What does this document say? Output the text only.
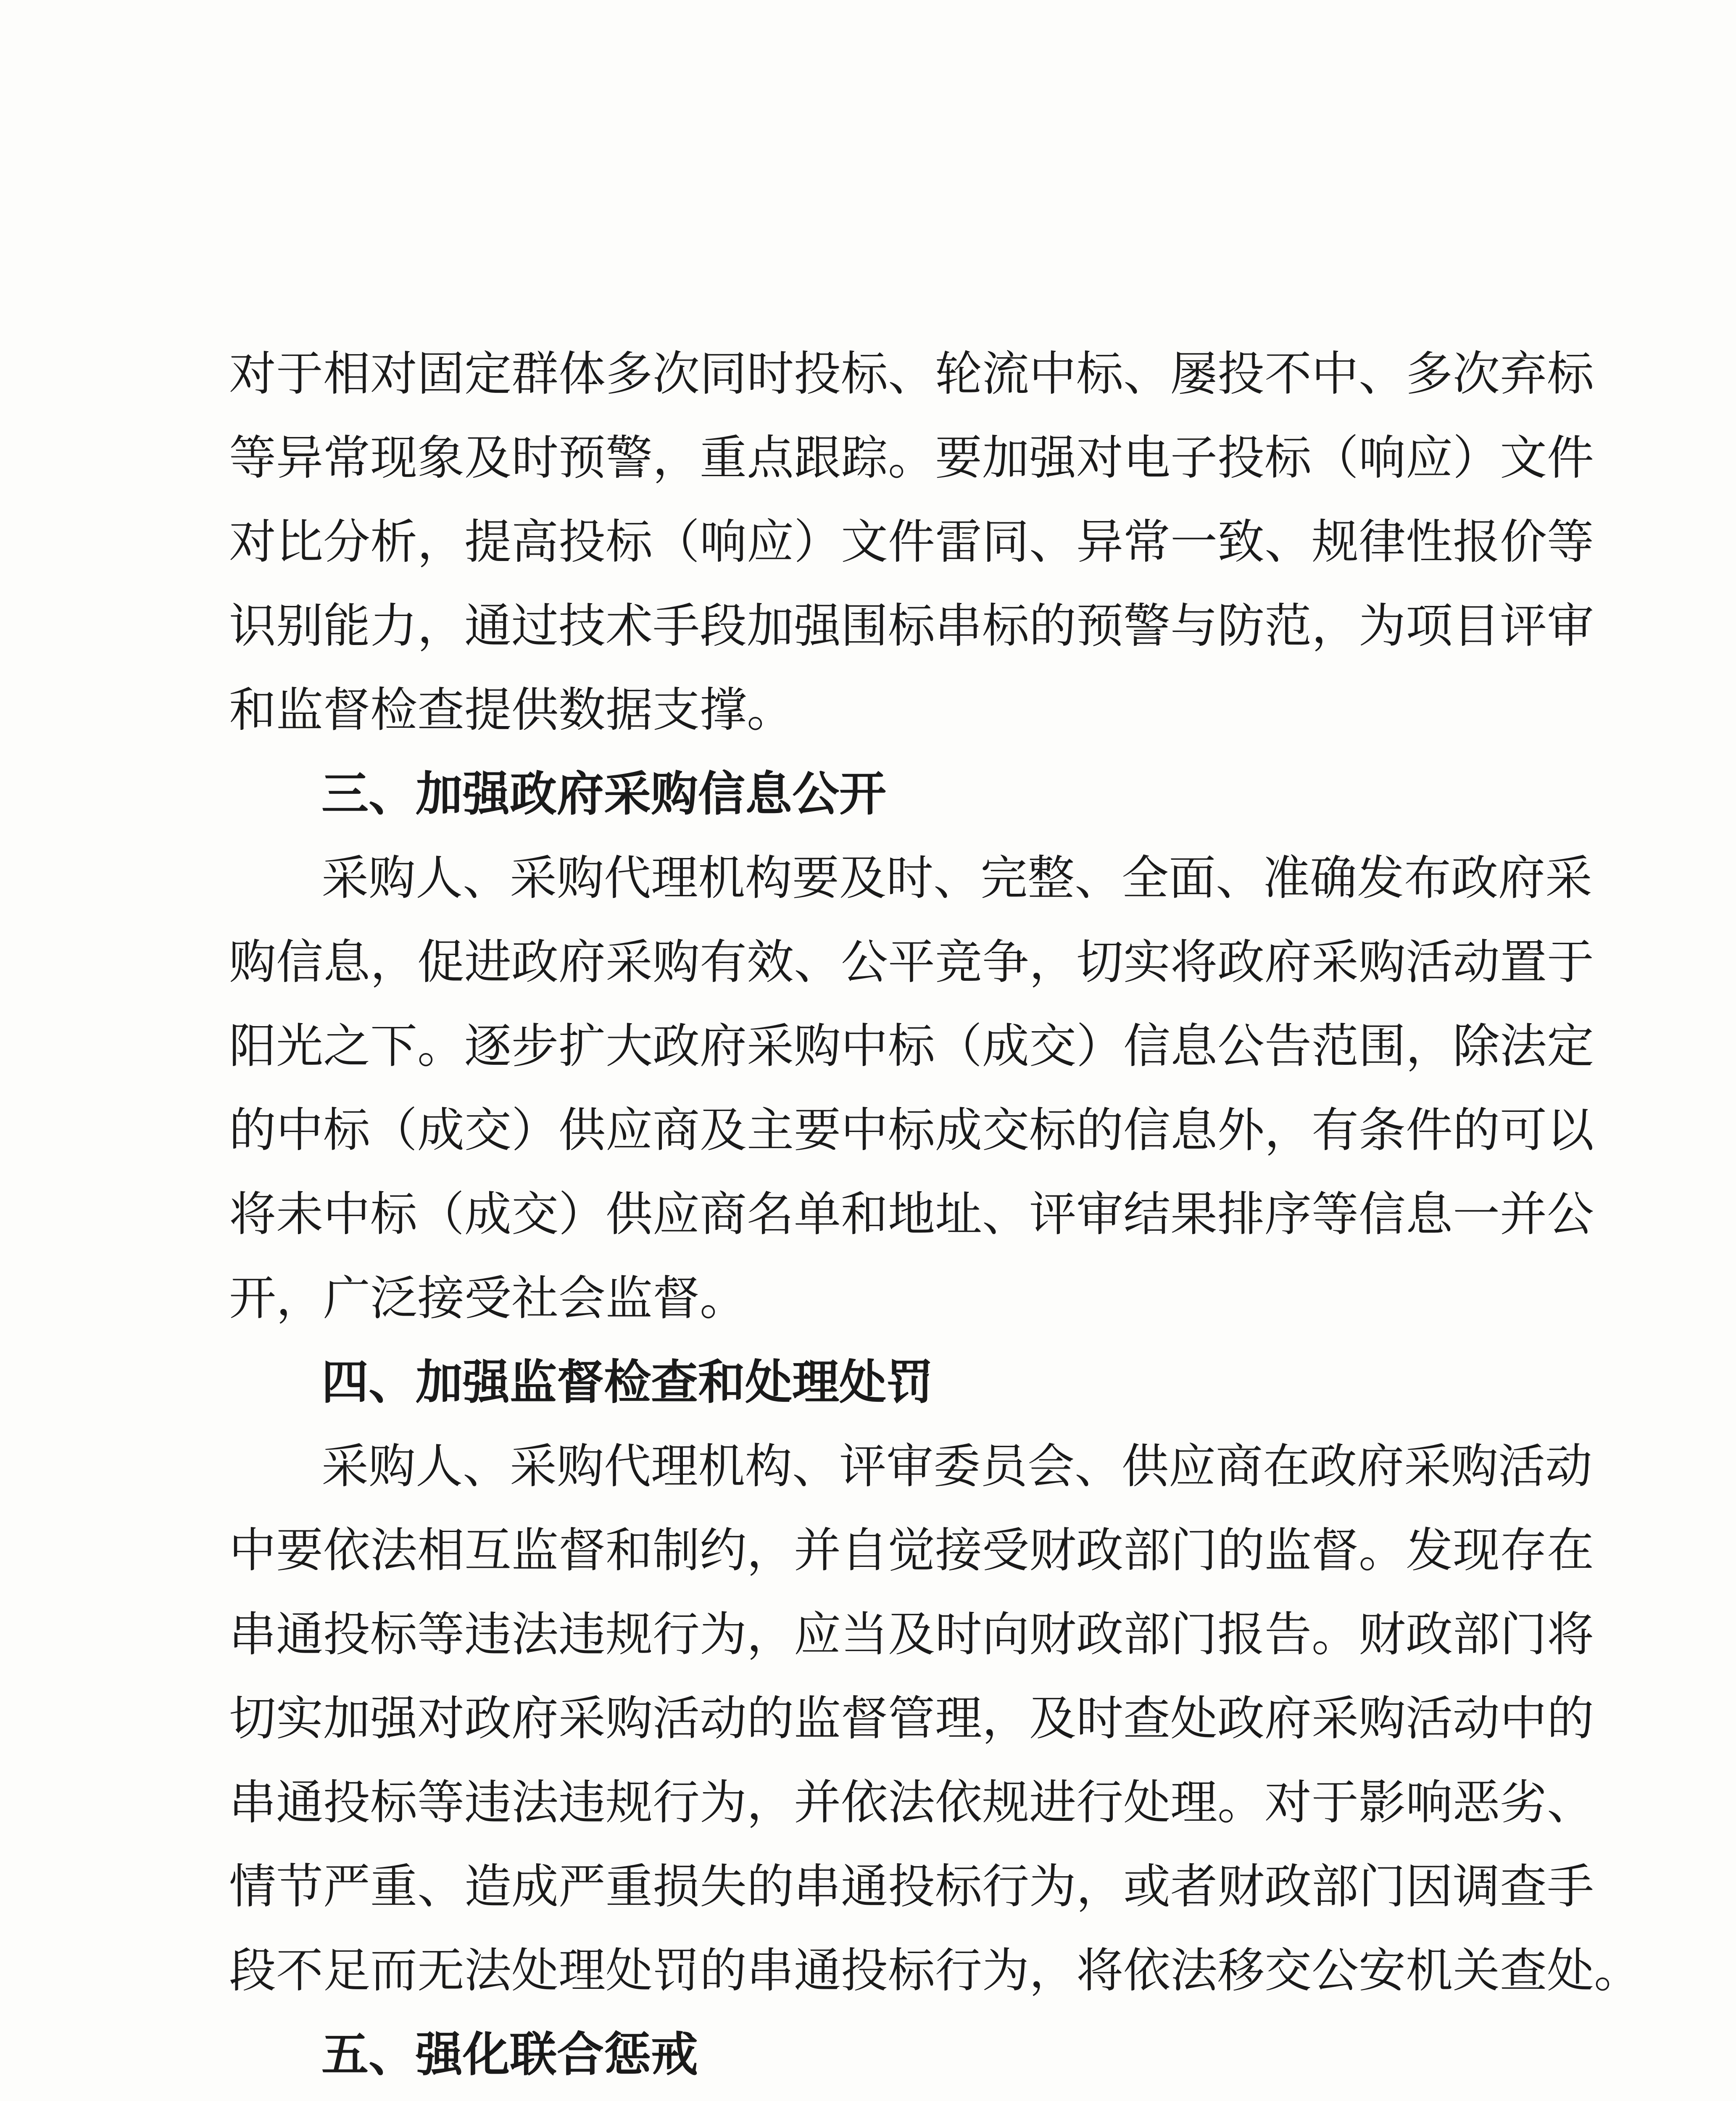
对于相对固定群体多次同时投标、轮流中标、屡投不中、多次弃标
等异常现象及时预警，重点跟踪。要加强对电子投标（响应）文件
对比分析，提高投标（响应）文件雷同、异常一致、规律性报价等
识别能力，通过技术手段加强围标串标的预警与防范，为项目评审
和监督检查提供数据支撑。
三、加强政府采购信息公开
采购人、采购代理机构要及时、完整、全面、准确发布政府采
购信息，促进政府采购有效、公平竞争，切实将政府采购活动置于
阳光之下。逐步扩大政府采购中标（成交）信息公告范围，除法定
的中标（成交）供应商及主要中标成交标的信息外，有条件的可以
将未中标（成交）供应商名单和地址、评审结果排序等信息一并公
开，广泛接受社会监督。
四、加强监督检查和处理处罚
采购人、采购代理机构、评审委员会、供应商在政府采购活动
中要依法相互监督和制约，并自觉接受财政部门的监督。发现存在
串通投标等违法违规行为，应当及时向财政部门报告。财政部门将
切实加强对政府采购活动的监督管理，及时查处政府采购活动中的
串通投标等违法违规行为，并依法依规进行处理。对于影响恶劣、
情节严重、造成严重损失的串通投标行为，或者财政部门因调查手
段不足而无法处理处罚的串通投标行为，将依法移交公安机关查处。
五、强化联合惩戒
